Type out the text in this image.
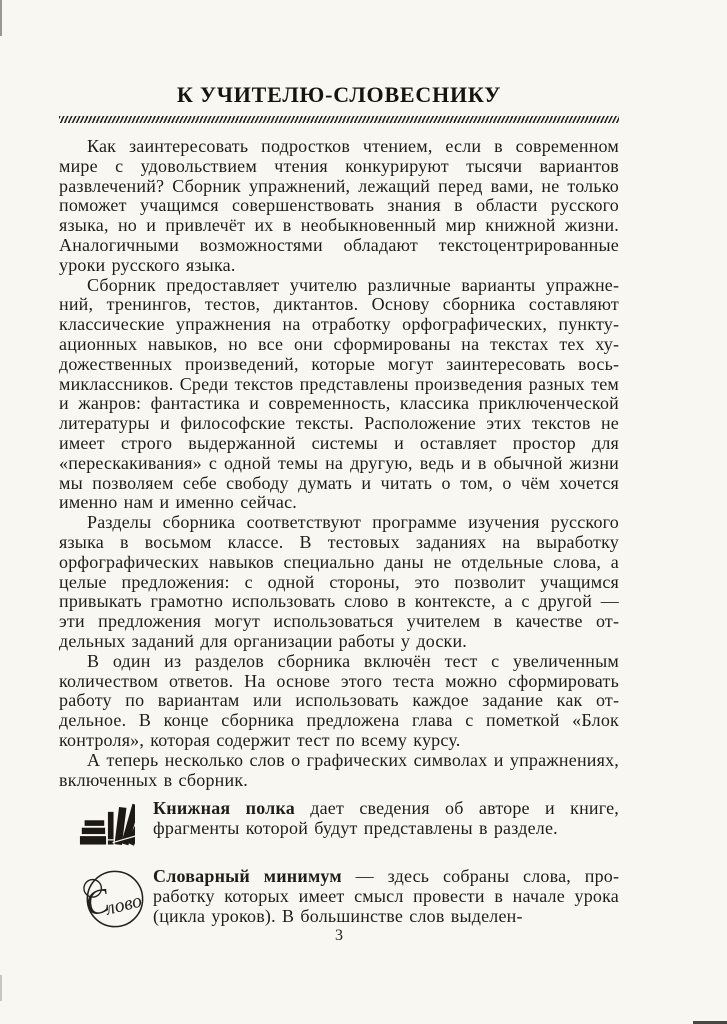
К УЧИТЕЛЮ-СЛОВЕСНИКУ

Как заинтересовать подростков чтением, если в современном мире с удовольствием чтения конкурируют тысячи вариантов развлечений? Сборник упражнений, лежащий перед вами, не только поможет учащимся совершенствовать знания в области русского языка, но и привлечёт их в необыкновенный мир книжной жизни. Аналогичными возможностями обладают текстоцентрированные уроки русского языка.

Сборник предоставляет учителю различные варианты упражнений, тренингов, тестов, диктантов. Основу сборника составляют классические упражнения на отработку орфографических, пунктуационных навыков, но все они сформированы на текстах тех художественных произведений, которые могут заинтересовать восьмиклассников. Среди текстов представлены произведения разных тем и жанров: фантастика и современность, классика приключенческой литературы и философские тексты. Расположение этих текстов не имеет строго выдержанной системы и оставляет простор для «перескакивания» с одной темы на другую, ведь и в обычной жизни мы позволяем себе свободу думать и читать о том, о чём хочется именно нам и именно сейчас.

Разделы сборника соответствуют программе изучения русского языка в восьмом классе. В тестовых заданиях на выработку орфографических навыков специально даны не отдельные слова, а целые предложения: с одной стороны, это позволит учащимся привыкать грамотно использовать слово в контексте, а с другой — эти предложения могут использоваться учителем в качестве отдельных заданий для организации работы у доски.

В один из разделов сборника включён тест с увеличенным количеством ответов. На основе этого теста можно сформировать работу по вариантам или использовать каждое задание как отдельное. В конце сборника предложена глава с пометкой «Блок контроля», которая содержит тест по всему курсу.

А теперь несколько слов о графических символах и упражнениях, включенных в сборник.

Книжная полка дает сведения об авторе и книге, фрагменты которой будут представлены в разделе.
С
лово
Словарный минимум — здесь собраны слова, проработку которых имеет смысл провести в начале урока (цикла уроков). В большинстве слов выделен-
3
